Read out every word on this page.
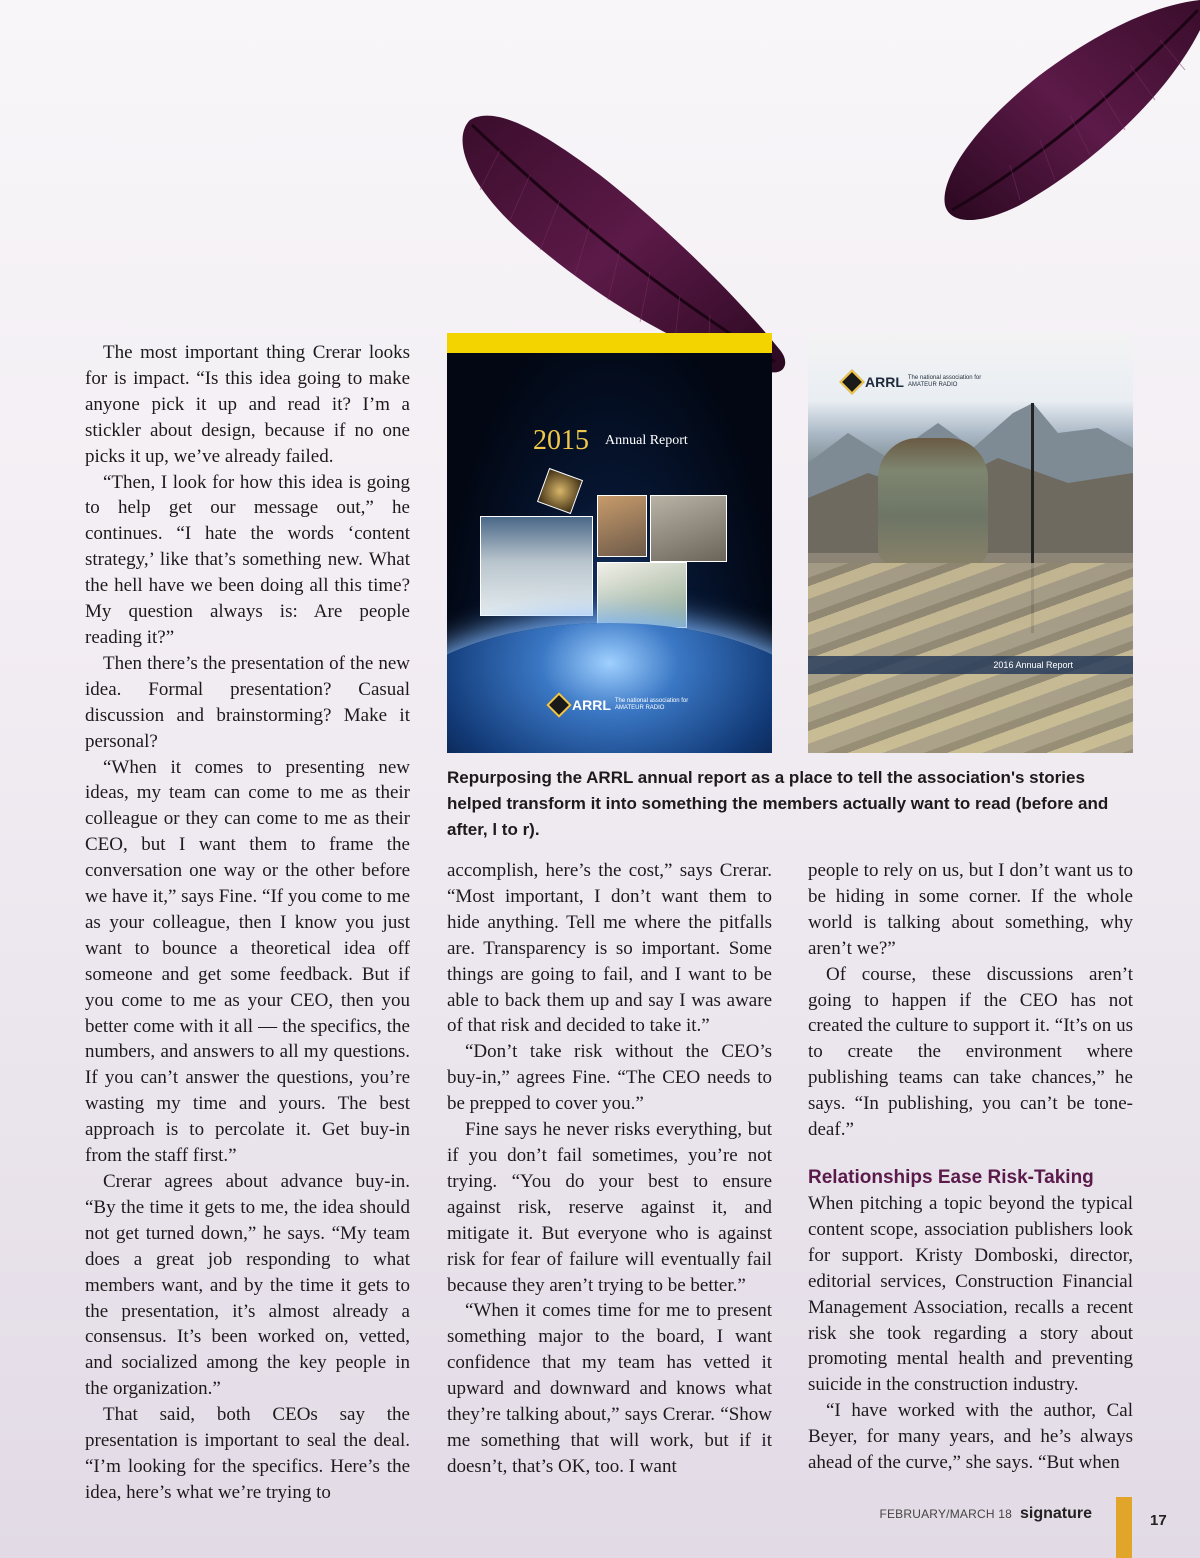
The most important thing Crerar looks for is impact. “Is this idea going to make anyone pick it up and read it? I’m a stickler about design, because if no one picks it up, we’ve already failed.

“Then, I look for how this idea is going to help get our message out,” he continues. “I hate the words ‘content strategy,’ like that’s something new. What the hell have we been doing all this time? My question always is: Are people reading it?”

Then there’s the presentation of the new idea. Formal presentation? Casual discussion and brainstorming? Make it personal?

“When it comes to presenting new ideas, my team can come to me as their colleague or they can come to me as their CEO, but I want them to frame the conversation one way or the other before we have it,” says Fine. “If you come to me as your colleague, then I know you just want to bounce a theoretical idea off someone and get some feedback. But if you come to me as your CEO, then you better come with it all — the specifics, the numbers, and answers to all my questions. If you can’t answer the questions, you’re wasting my time and yours. The best approach is to percolate it. Get buy-in from the staff first.”

Crerar agrees about advance buy-in. “By the time it gets to me, the idea should not get turned down,” he says. “My team does a great job responding to what members want, and by the time it gets to the presentation, it’s almost already a consensus. It’s been worked on, vetted, and socialized among the key people in the organization.”

That said, both CEOs say the presentation is important to seal the deal. “I’m looking for the specifics. Here’s the idea, here’s what we’re trying to

2015 Annual Report
ARRL The national association for
AMATEUR RADIO
ARRL The national association for
AMATEUR RADIO
2016 Annual Report
Repurposing the ARRL annual report as a place to tell the association's stories helped transform it into something the members actually want to read (before and after, l to r).

accomplish, here’s the cost,” says Crerar. “Most important, I don’t want them to hide anything. Tell me where the pitfalls are. Transparency is so important. Some things are going to fail, and I want to be able to back them up and say I was aware of that risk and decided to take it.”

“Don’t take risk without the CEO’s buy-in,” agrees Fine. “The CEO needs to be prepped to cover you.”

Fine says he never risks everything, but if you don’t fail sometimes, you’re not trying. “You do your best to ensure against risk, reserve against it, and mitigate it. But everyone who is against risk for fear of failure will eventually fail because they aren’t trying to be better.”

“When it comes time for me to present something major to the board, I want confidence that my team has vetted it upward and downward and knows what they’re talking about,” says Crerar. “Show me something that will work, but if it doesn’t, that’s OK, too. I want

people to rely on us, but I don’t want us to be hiding in some corner. If the whole world is talking about something, why aren’t we?”

Of course, these discussions aren’t going to happen if the CEO has not created the culture to support it. “It’s on us to create the environment where publishing teams can take chances,” he says. “In publishing, you can’t be tone-deaf.”

Relationships Ease Risk-Taking

When pitching a topic beyond the typical content scope, association publishers look for support. Kristy Domboski, director, editorial services, Construction Financial Management Association, recalls a recent risk she took regarding a story about promoting mental health and preventing suicide in the construction industry.

“I have worked with the author, Cal Beyer, for many years, and he’s always ahead of the curve,” she says. “But when

FEBRUARY/MARCH 18 signature	17
